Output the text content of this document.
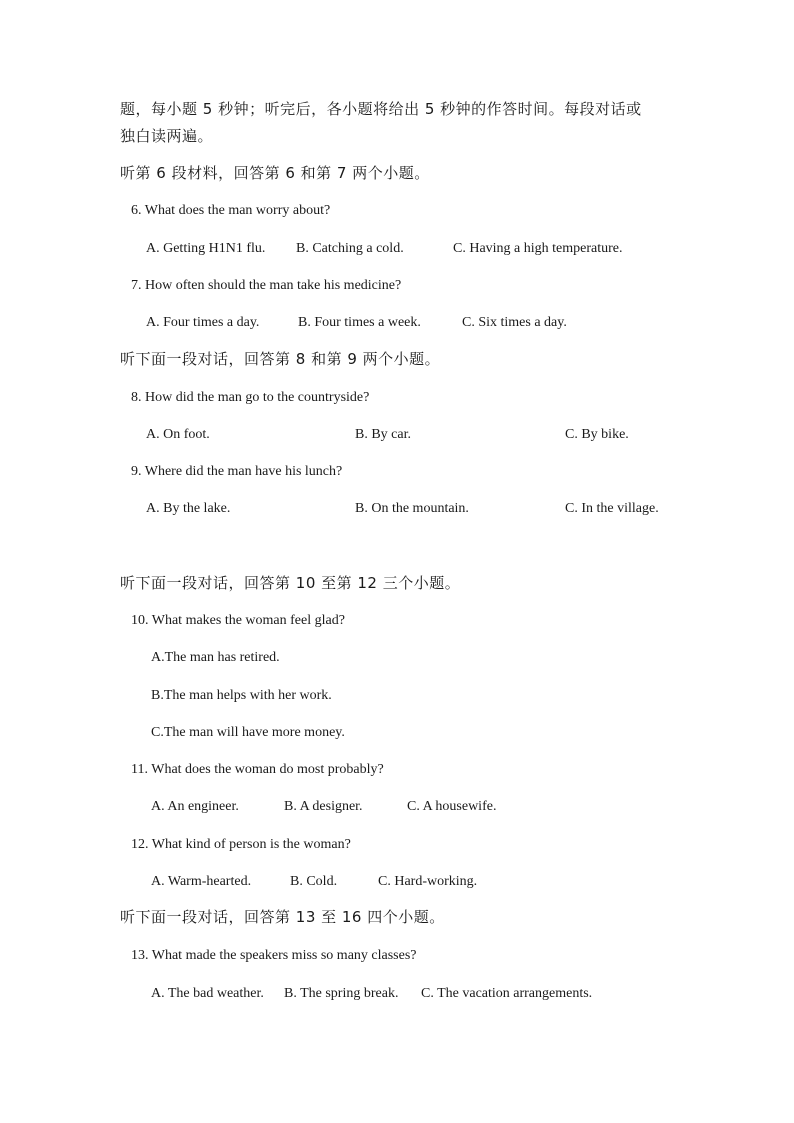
题，每小题 5 秒钟；听完后，各小题将给出 5 秒钟的作答时间。每段对话或
独白读两遍。
听第 6 段材料，回答第 6 和第 7 两个小题。
6. What does the man worry about?
A. Getting H1N1 flu. B. Catching a cold.	C. Having a high temperature.
7. How often should the man take his medicine?
A. Four times a day.	B. Four times a week.	C. Six times a day.
听下面一段对话，回答第 8 和第 9 两个小题。
8. How did the man go to the countryside?
A. On foot.	B. By car.	C. By bike.
9. Where did the man have his lunch?
A. By the lake.	B. On the mountain.	C. In the village.
听下面一段对话，回答第 10 至第 12 三个小题。
10. What makes the woman feel glad?
A.The man has retired.
B.The man helps with her work.
C.The man will have more money.
11. What does the woman do most probably?
A. An engineer.	B. A designer.	C. A housewife.
12. What kind of person is the woman?
A. Warm-hearted.	B. Cold.	C. Hard-working.
听下面一段对话，回答第 13 至 16 四个小题。
13. What made the speakers miss so many classes?
A. The bad weather. B. The spring break. C. The vacation arrangements.
